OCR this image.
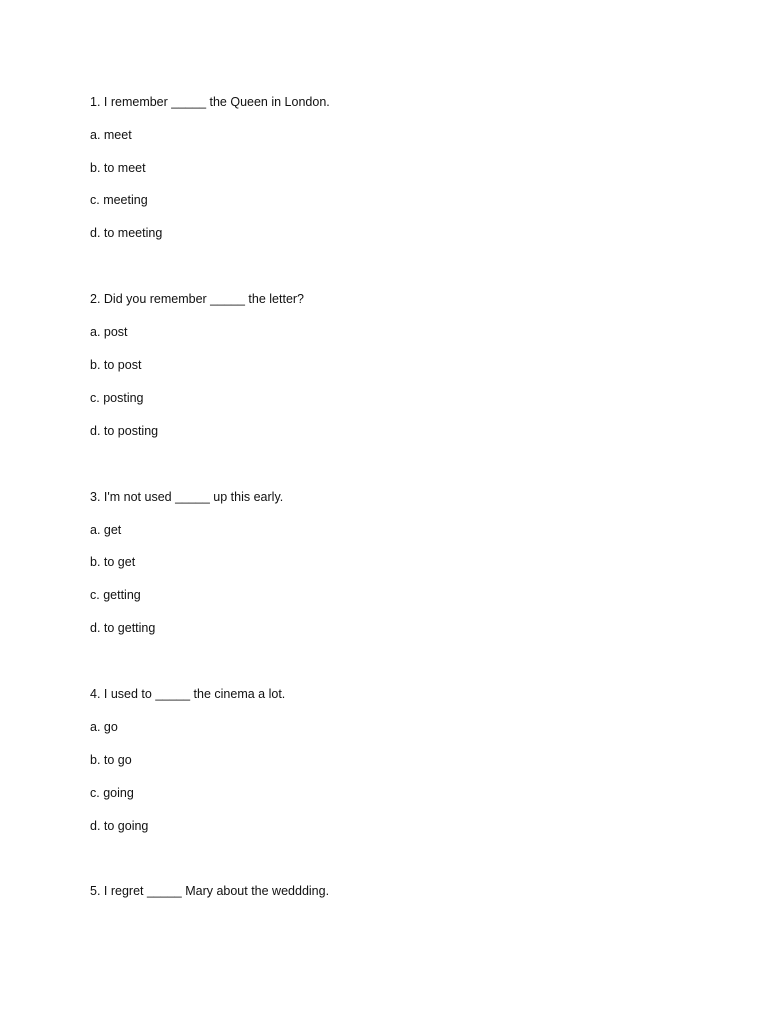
1. I remember _____ the Queen in London.
a. meet
b. to meet
c. meeting
d. to meeting
2. Did you remember _____ the letter?
a. post
b. to post
c. posting
d. to posting
3. I'm not used _____ up this early.
a. get
b. to get
c. getting
d. to getting
4. I used to _____ the cinema a lot.
a. go
b. to go
c. going
d. to going
5. I regret _____ Mary about the weddding.
